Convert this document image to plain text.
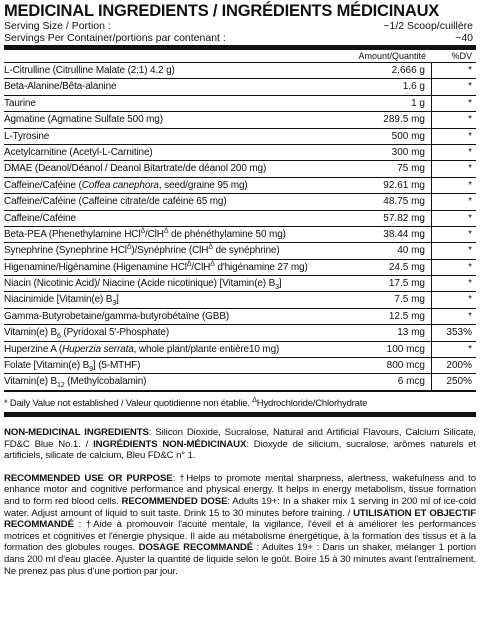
MEDICINAL INGREDIENTS / INGRÉDIENTS MÉDICINAUX
Serving Size / Portion :	~1/2 Scoop/cuillère
Servings Per Container/portions par contenant :	~40
Amount/Quantité	%DV
L-Citrulline (Citrulline Malate (2:1) 4.2 g)	2.666 g	*
Beta-Alanine/Bêta-alanine	1.6 g	*
Taurine	1 g	*
Agmatine (Agmatine Sulfate 500 mg)	289.5 mg	*
L-Tyrosine	500 mg	*
Acetylcarnitine (Acetyl-L-Carnitine)	300 mg	*
DMAE (Deanol/Déanol / Deanol Bitartrate/de déanol 200 mg)	75 mg	*
Caffeine/Caféine (Coffea canephora, seed/graine 95 mg)	92.61 mg	*
Caffeine/Caféine (Caffeine citrate/de caféine 65 mg)	48.75 mg	*
Caffeine/Caféine	57.82 mg	*
Beta-PEA (Phenethylamine HCl$^\Delta$/ClH$^\Delta$ de phénéthylamine 50 mg)	38.44 mg	*
Synephrine (Synephrine HCl$^\Delta$)/Synéphrine (ClH$^\Delta$ de synéphrine)	40 mg	*
Higenamine/Higénamine (Higenamine HCl$^\Delta$/ClH$^\Delta$ d'higénamine 27 mg)	24.5 mg	*
Niacin (Nicotinic Acid)/ Niacine (Acide nicotinique) [Vitamin(e) $B_3$]	17.5 mg	*
Niacinimide [Vitamin(e) $B_3$]	7.5 mg	*
Gamma-Butyrobetaine/gamma-butyrobétaïne (GBB)	12.5 mg	*
Vitamin(e) $B_6$ (Pyridoxal 5'-Phosphate)	13 mg	353%
Huperzine A (Huperzia serrata, whole plant/plante entière10 mg)	100 mcg	*
Folate [Vitamin(e) $B_9$] (5-MTHF)	800 mcg	200%
Vitamin(e) $B_{12}$ (Methylcobalamin)	6 mcg	250%
* Daily Value not established / Valeur quotidienne non établie. $^\Delta$Hydrochloride/Chlorhydrate
NON-MEDICINAL INGREDIENTS: Silicon Dioxide, Sucralose, Natural and Artificial Flavours, Calcium Silicate, FD&C Blue No.1. / INGRÉDIENTS NON-MÉDICINAUX: Dioxyde de silicium, sucralose, arômes naturels et artificiels, silicate de calcium, Bleu FD&C n° 1.
RECOMMENDED USE OR PURPOSE: †Helps to promote mental sharpness, alertness, wakefulness and to enhance motor and cognitive performance and physical energy. It helps in energy metabolism, tissue formation and to form red blood cells. RECOMMENDED DOSE: Adults 19+: In a shaker mix 1 serving in 200 ml of ice-cold water. Adjust amount of liquid to suit taste. Drink 15 to 30 minutes before training. / UTILISATION ET OBJECTIF RECOMMANDÉ : †Aide à promouvoir l'acuité mentale, la vigilance, l'éveil et à améliorer les performances motrices et cognitives et l'énergie physique. Il aide au métabolisme énergétique, à la formation des tissus et à la formation des globules rouges. DOSAGE RECOMMANDÉ : Adultes 19+ : Dans un shaker, mélanger 1 portion dans 200 ml d'eau glacée. Ajuster la quantité de liquide selon le goût. Boire 15 à 30 minutes avant l'entraînement. Ne prenez pas plus d'une portion par jour.
